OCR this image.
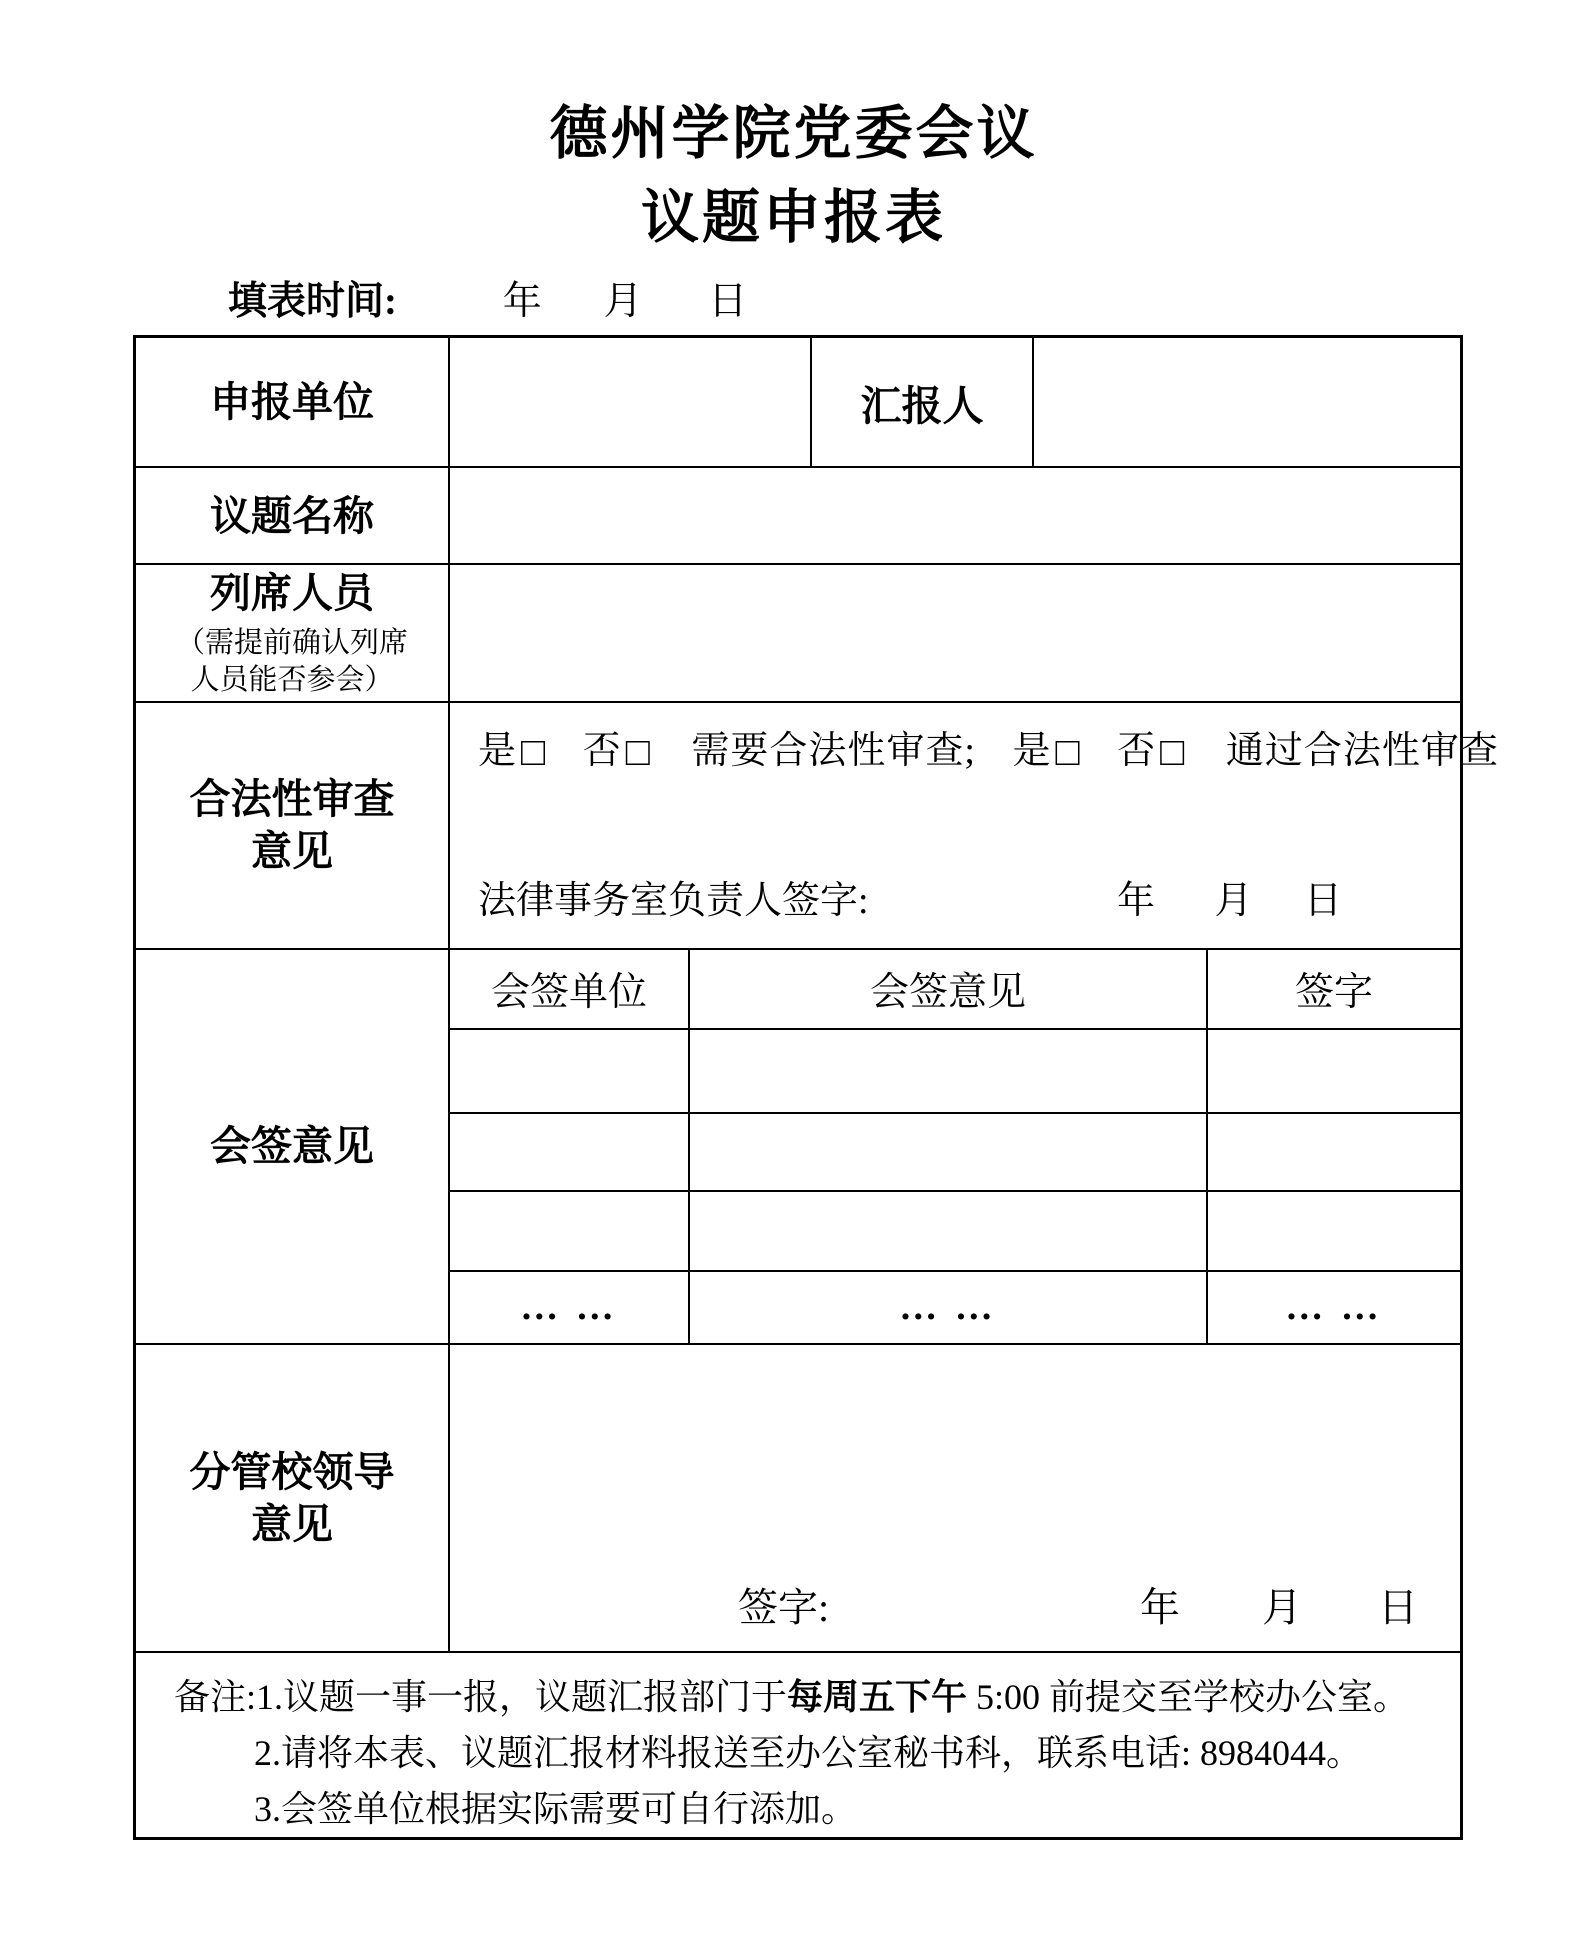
德州学院党委会议
议题申报表
填表时间:	年 月 日
申报单位	汇报人
议题名称
列席人员
（需提前确认列席
人员能否参会）
合法性审查
意见
是 □ 否 □ 需要合法性审查; 是 □ 否 □ 通过合法性审查
法律事务室负责人签字:	年 月 日
会签意见
会签单位	会签意见	签字
… …	… …	… …
分管校领导
意见
签字:	年 月 日
备注:1.议题一事一报，议题汇报部门于每周五下午 5:00 前提交至学校办公室。
2.请将本表、议题汇报材料报送至办公室秘书科，联系电话: 8984044。
3.会签单位根据实际需要可自行添加。
